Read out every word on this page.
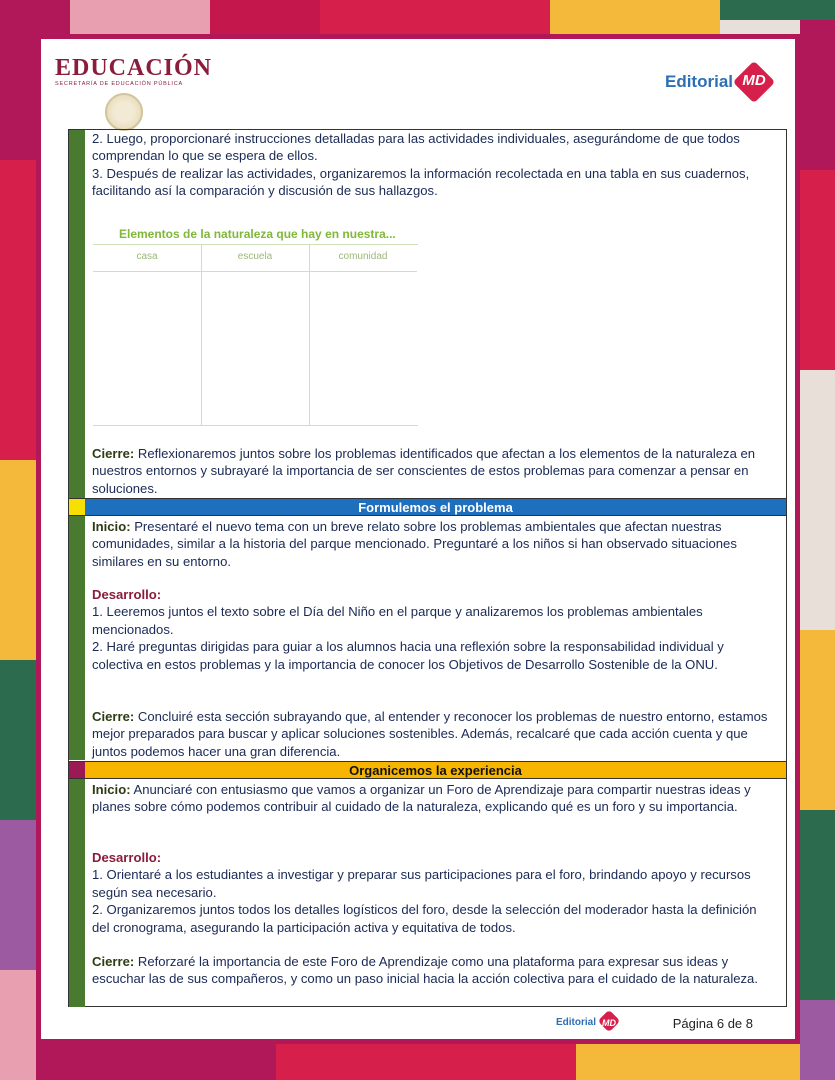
EDUCACIÓN
SECRETARÍA DE EDUCACIÓN PÚBLICA	Editorial MD
2. Luego, proporcionaré instrucciones detalladas para las actividades individuales, asegurándome de que todos comprendan lo que se espera de ellos.
3. Después de realizar las actividades, organizaremos la información recolectada en una tabla en sus cuadernos, facilitando así la comparación y discusión de sus hallazgos.
Elementos de la naturaleza que hay en nuestra...
casa	escuela	comunidad
Cierre: Reflexionaremos juntos sobre los problemas identificados que afectan a los elementos de la naturaleza en nuestros entornos y subrayaré la importancia de ser conscientes de estos problemas para comenzar a pensar en soluciones.
Formulemos el problema
Inicio: Presentaré el nuevo tema con un breve relato sobre los problemas ambientales que afectan nuestras comunidades, similar a la historia del parque mencionado. Preguntaré a los niños si han observado situaciones similares en su entorno.
Desarrollo:
1. Leeremos juntos el texto sobre el Día del Niño en el parque y analizaremos los problemas ambientales mencionados.
2. Haré preguntas dirigidas para guiar a los alumnos hacia una reflexión sobre la responsabilidad individual y colectiva en estos problemas y la importancia de conocer los Objetivos de Desarrollo Sostenible de la ONU.
Cierre: Concluiré esta sección subrayando que, al entender y reconocer los problemas de nuestro entorno, estamos mejor preparados para buscar y aplicar soluciones sostenibles. Además, recalcaré que cada acción cuenta y que juntos podemos hacer una gran diferencia.
Organicemos la experiencia
Inicio: Anunciaré con entusiasmo que vamos a organizar un Foro de Aprendizaje para compartir nuestras ideas y planes sobre cómo podemos contribuir al cuidado de la naturaleza, explicando qué es un foro y su importancia.
Desarrollo:
1. Orientaré a los estudiantes a investigar y preparar sus participaciones para el foro, brindando apoyo y recursos según sea necesario.
2. Organizaremos juntos todos los detalles logísticos del foro, desde la selección del moderador hasta la definición del cronograma, asegurando la participación activa y equitativa de todos.
Cierre: Reforzaré la importancia de este Foro de Aprendizaje como una plataforma para expresar sus ideas y escuchar las de sus compañeros, y como un paso inicial hacia la acción colectiva para el cuidado de la naturaleza.
Editorial MD	Página 6 de 8
